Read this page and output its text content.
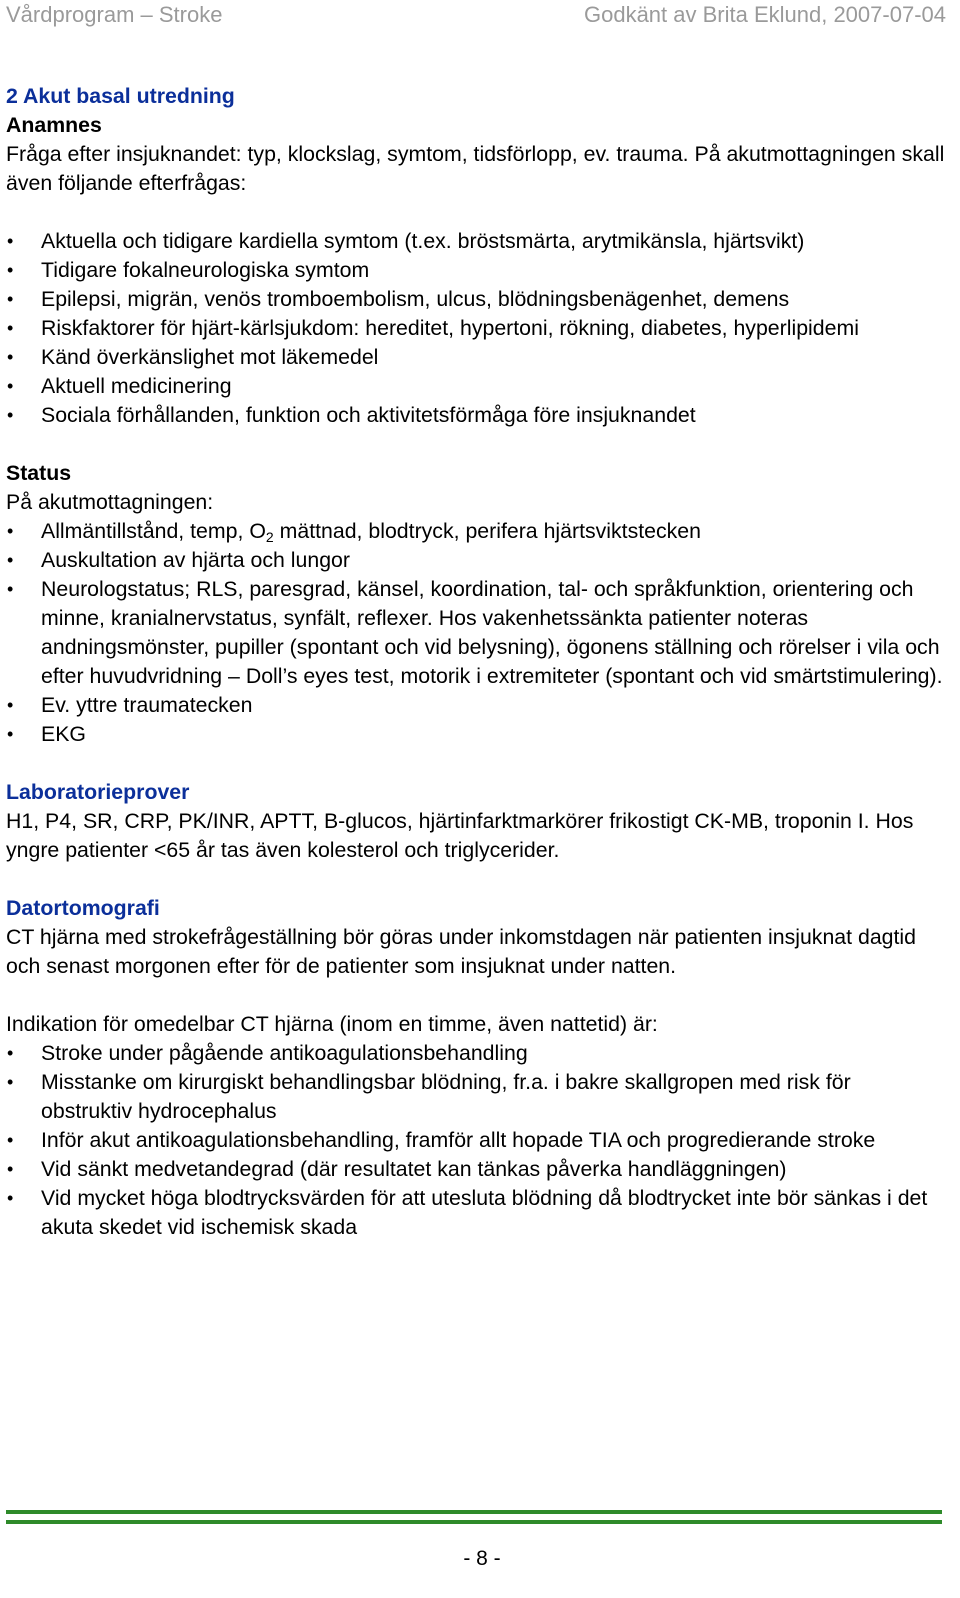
Vårdprogram – Stroke	Godkänt av Brita Eklund, 2007-07-04

2 Akut basal utredning

Anamnes

Fråga efter insjuknandet: typ, klockslag, symtom, tidsförlopp, ev. trauma. På akutmottagningen skall även följande efterfrågas:

• Aktuella och tidigare kardiella symtom (t.ex. bröstsmärta, arytmikänsla, hjärtsvikt)
• Tidigare fokalneurologiska symtom
• Epilepsi, migrän, venös tromboembolism, ulcus, blödningsbenägenhet, demens
• Riskfaktorer för hjärt-kärlsjukdom: hereditet, hypertoni, rökning, diabetes, hyperlipidemi
• Känd överkänslighet mot läkemedel
• Aktuell medicinering
• Sociala förhållanden, funktion och aktivitetsförmåga före insjuknandet

Status

På akutmottagningen:

• Allmäntillstånd, temp, $O_2$ mättnad, blodtryck, perifera hjärtsviktstecken
• Auskultation av hjärta och lungor
• Neurologstatus; RLS, paresgrad, känsel, koordination, tal- och språkfunktion, orientering och minne, kranialnervstatus, synfält, reflexer. Hos vakenhetssänkta patienter noteras andningsmönster, pupiller (spontant och vid belysning), ögonens ställning och rörelser i vila och efter huvudvridning – Doll’s eyes test, motorik i extremiteter (spontant och vid smärtstimulering).
• Ev. yttre traumatecken
• EKG

Laboratorieprover

H1, P4, SR, CRP, PK/INR, APTT, B-glucos, hjärtinfarktmarkörer frikostigt CK-MB, troponin I. Hos yngre patienter <65 år tas även kolesterol och triglycerider.

Datortomografi

CT hjärna med strokefrågeställning bör göras under inkomstdagen när patienten insjuknat dagtid och senast morgonen efter för de patienter som insjuknat under natten.

Indikation för omedelbar CT hjärna (inom en timme, även nattetid) är:

• Stroke under pågående antikoagulationsbehandling
• Misstanke om kirurgiskt behandlingsbar blödning, fr.a. i bakre skallgropen med risk för obstruktiv hydrocephalus
• Inför akut antikoagulationsbehandling, framför allt hopade TIA och progredierande stroke
• Vid sänkt medvetandegrad (där resultatet kan tänkas påverka handläggningen)
• Vid mycket höga blodtrycksvärden för att utesluta blödning då blodtrycket inte bör sänkas i det akuta skedet vid ischemisk skada
- 8 -
